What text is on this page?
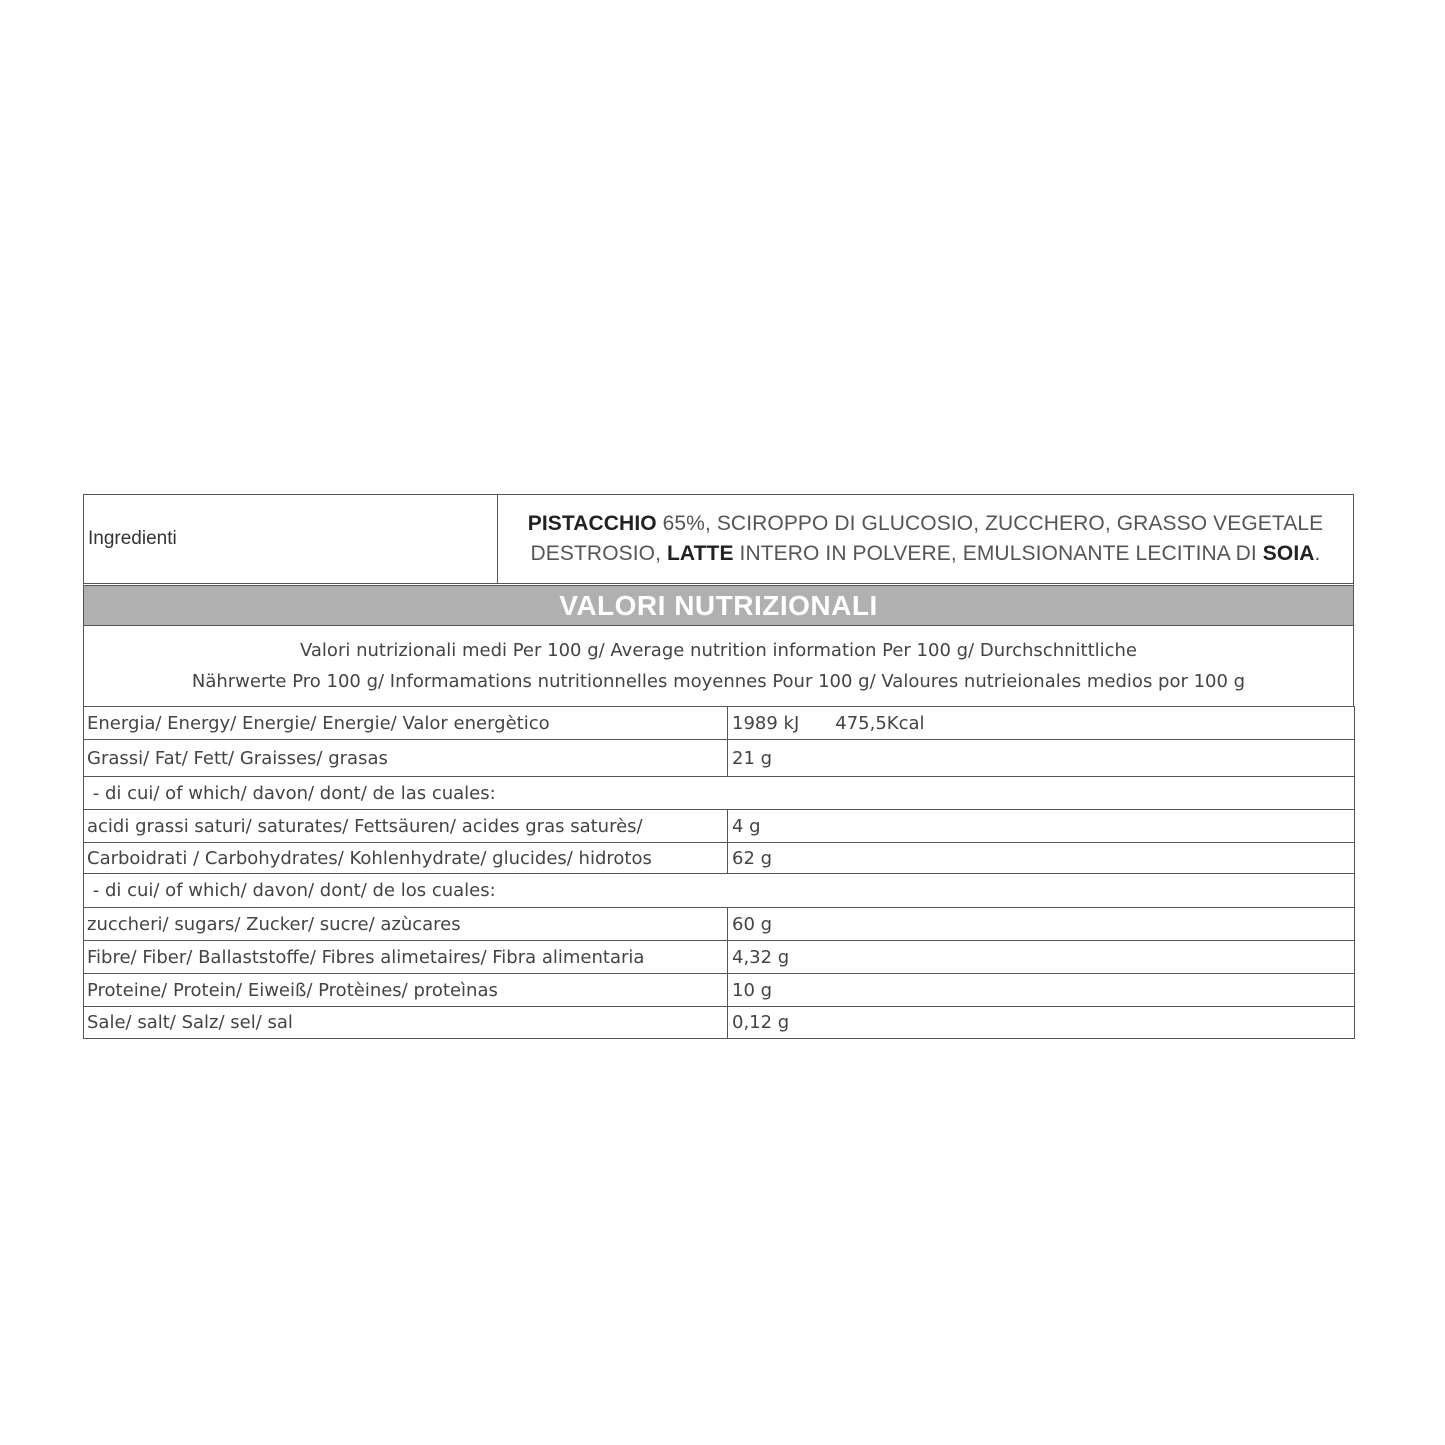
Ingredienti
PISTACCHIO 65%, SCIROPPO DI GLUCOSIO, ZUCCHERO, GRASSO VEGETALE
DESTROSIO, LATTE INTERO IN POLVERE, EMULSIONANTE LECITINA DI SOIA.
VALORI NUTRIZIONALI
Valori nutrizionali medi Per 100 g/ Average nutrition information Per 100 g/ Durchschnittliche
Nährwerte Pro 100 g/ Informamations nutritionnelles moyennes Pour 100 g/ Valoures nutrieionales medios por 100 g
Energia/ Energy/ Energie/ Energie/ Valor energètico	1989 kJ 475,5Kcal
Grassi/ Fat/ Fett/ Graisses/ grasas	21 g
- di cui/ of which/ davon/ dont/ de las cuales:	
acidi grassi saturi/ saturates/ Fettsäuren/ acides gras saturès/	4 g
Carboidrati / Carbohydrates/ Kohlenhydrate/ glucides/ hidrotos	62 g
- di cui/ of which/ davon/ dont/ de los cuales:	
zuccheri/ sugars/ Zucker/ sucre/ azùcares	60 g
Fibre/ Fiber/ Ballaststoffe/ Fibres alimetaires/ Fibra alimentaria	4,32 g
Proteine/ Protein/ Eiweiß/ Protèines/ proteìnas	10 g
Sale/ salt/ Salz/ sel/ sal	0,12 g
